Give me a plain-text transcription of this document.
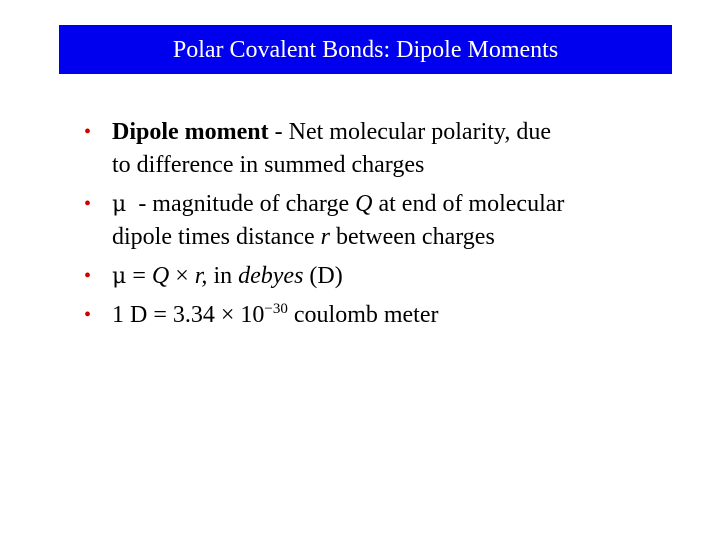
Polar Covalent Bonds: Dipole Moments
• Dipole moment - Net molecular polarity, due
to difference in summed charges
• μ  - magnitude of charge Q at end of molecular
dipole times distance r between charges
• μ = Q × r, in debyes (D)
• 1 $D = 3.34 \times 10^{-30}$ coulomb meter
